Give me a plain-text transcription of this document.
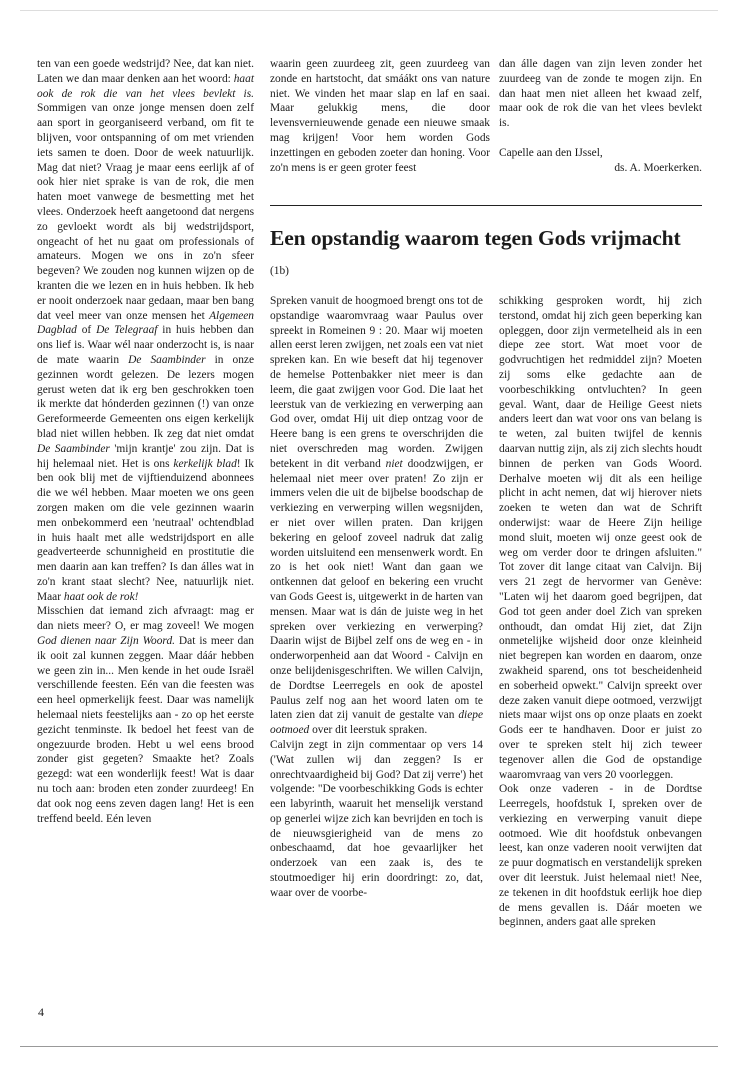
ten van een goede wedstrijd? Nee, dat kan niet. Laten we dan maar denken aan het woord: haat ook de rok die van het vlees bevlekt is. Sommigen van onze jonge mensen doen zelf aan sport in georganiseerd verband, om fit te blijven, voor ontspanning of om met vrienden iets samen te doen. Door de week natuurlijk. Mag dat niet? Vraag je maar eens eerlijk af of ook hier niet sprake is van de rok, die men haten moet vanwege de besmetting met het vlees. Onderzoek heeft aangetoond dat nergens zo gevloekt wordt als bij wedstrijdsport, ongeacht of het nu gaat om professionals of amateurs. Mogen we ons in zo'n sfeer begeven? We zouden nog kunnen wijzen op de kranten die we lezen en in huis hebben. Ik heb er nooit onderzoek naar gedaan, maar ben bang dat veel meer van onze mensen het Algemeen Dagblad of De Telegraaf in huis hebben dan ons lief is. Waar wél naar onderzocht is, is naar de mate waarin De Saambinder in onze gezinnen wordt gelezen. De lezers mogen gerust weten dat ik erg ben geschrokken toen ik merkte dat hónderden gezinnen (!) van onze Gereformeerde Gemeenten ons eigen kerkelijk blad niet willen hebben. Ik zeg dat niet omdat De Saambinder 'mijn krantje' zou zijn. Dat is hij helemaal niet. Het is ons kerkelijk blad! Ik ben ook blij met de vijftienduizend abonnees die we wél hebben. Maar moeten we ons geen zorgen maken om die vele gezinnen waarin men onbekommerd een 'neutraal' ochtendblad in huis haalt met alle wedstrijdsport en alle geadverteerde schunnigheid en prostitutie die men daarin aan kan treffen? Is dan álles wat in zo'n krant staat slecht? Nee, natuurlijk niet. Maar haat ook de rok!

Misschien dat iemand zich afvraagt: mag er dan niets meer? O, er mag zoveel! We mogen God dienen naar Zijn Woord. Dat is meer dan ik ooit zal kunnen zeggen. Maar dáár hebben we geen zin in... Men kende in het oude Israël verschillende feesten. Eén van die feesten was een heel opmerkelijk feest. Daar was namelijk helemaal niets feestelijks aan - zo op het eerste gezicht tenminste. Ik bedoel het feest van de ongezuurde broden. Hebt u wel eens brood zonder gist gegeten? Smaakte het? Zoals gezegd: wat een wonderlijk feest! Wat is daar nu toch aan: broden eten zonder zuurdeeg! En dat ook nog eens zeven dagen lang! Het is een treffend beeld. Eén leven

waarin geen zuurdeeg zit, geen zuurdeeg van zonde en hartstocht, dat smáákt ons van nature niet. We vinden het maar slap en laf en saai. Maar gelukkig mens, die door levensvernieuwende genade een nieuwe smaak mag krijgen! Voor hem worden Gods inzettingen en geboden zoeter dan honing. Voor zo'n mens is er geen groter feest

dan álle dagen van zijn leven zonder het zuurdeeg van de zonde te mogen zijn. En dan haat men niet alleen het kwaad zelf, maar ook de rok die van het vlees bevlekt is.

Capelle aan den IJssel,
ds. A. Moerkerken.
Een opstandig waarom tegen Gods vrijmacht
(1b)

Spreken vanuit de hoogmoed brengt ons tot de opstandige waaromvraag waar Paulus over spreekt in Romeinen 9 : 20. Maar wij moeten allen eerst leren zwijgen, net zoals een vat niet spreken kan. En wie beseft dat hij tegenover de hemelse Pottenbakker niet meer is dan leem, die gaat zwijgen voor God. Die laat het leerstuk van de verkiezing en verwerping aan God over, omdat Hij uit diep ontzag voor de Heere bang is een grens te overschrijden die niet overschreden mag worden. Zwijgen betekent in dit verband niet doodzwijgen, er helemaal niet meer over praten! Zo zijn er immers velen die uit de bijbelse boodschap de verkiezing en verwerping willen wegsnijden, er niet over willen praten. Dan krijgen bekering en geloof zoveel nadruk dat zalig worden uitsluitend een mensenwerk wordt. En zo is het ook niet! Want dan gaan we ontkennen dat geloof en bekering een vrucht van Gods Geest is, uitgewerkt in de harten van mensen. Maar wat is dán de juiste weg in het spreken over verkiezing en verwerping? Daarin wijst de Bijbel zelf ons de weg en - in onderworpenheid aan dat Woord - Calvijn en onze belijdenisgeschriften. We willen Calvijn, de Dordtse Leerregels en ook de apostel Paulus zelf nog aan het woord laten om te laten zien dat zij vanuit de gestalte van diepe ootmoed over dit leerstuk spraken.

Calvijn zegt in zijn commentaar op vers 14 ('Wat zullen wij dan zeggen? Is er onrechtvaardigheid bij God? Dat zij verre') het volgende: "De voorbeschikking Gods is echter een labyrinth, waaruit het menselijk verstand op generlei wijze zich kan bevrijden en toch is de nieuwsgierigheid van de mens zo onbeschaamd, dat hoe gevaarlijker het onderzoek van een zaak is, des te stoutmoediger hij erin doordringt: zo, dat, waar over de voorbe-

schikking gesproken wordt, hij zich terstond, omdat hij zich geen beperking kan opleggen, door zijn vermetelheid als in een diepe zee stort. Wat moet voor de godvruchtigen het redmiddel zijn? Moeten zij soms elke gedachte aan de voorbeschikking ontvluchten? In geen geval. Want, daar de Heilige Geest niets anders leert dan wat voor ons van belang is te weten, zal buiten twijfel de kennis daarvan nuttig zijn, als zij zich slechts houdt binnen de perken van Gods Woord. Derhalve moeten wij dit als een heilige plicht in acht nemen, dat wij hierover niets zoeken te weten dan wat de Schrift onderwijst: waar de Heere Zijn heilige mond sluit, moeten wij onze geest ook de weg om verder door te dringen afsluiten." Tot zover dit lange citaat van Calvijn. Bij vers 21 zegt de hervormer van Genève: "Laten wij het daarom goed begrijpen, dat God tot geen ander doel Zich van spreken onthoudt, dan omdat Hij ziet, dat Zijn onmetelijke wijsheid door onze kleinheid niet begrepen kan worden en daarom, onze zwakheid sparend, ons tot bescheidenheid en soberheid opwekt." Calvijn spreekt over deze zaken vanuit diepe ootmoed, verzwijgt niets maar wijst ons op onze plaats en zoekt Gods eer te handhaven. Door er juist zo over te spreken stelt hij zich teweer tegenover allen die God de opstandige waaromvraag van vers 20 voorleggen.

Ook onze vaderen - in de Dordtse Leerregels, hoofdstuk I, spreken over de verkiezing en verwerping vanuit diepe ootmoed. Wie dit hoofdstuk onbevangen leest, kan onze vaderen nooit verwijten dat ze puur dogmatisch en verstandelijk spreken over dit leerstuk. Juist helemaal niet! Nee, ze tekenen in dit hoofdstuk eerlijk hoe diep de mens gevallen is. Dáár moeten we beginnen, anders gaat alle spreken

4
